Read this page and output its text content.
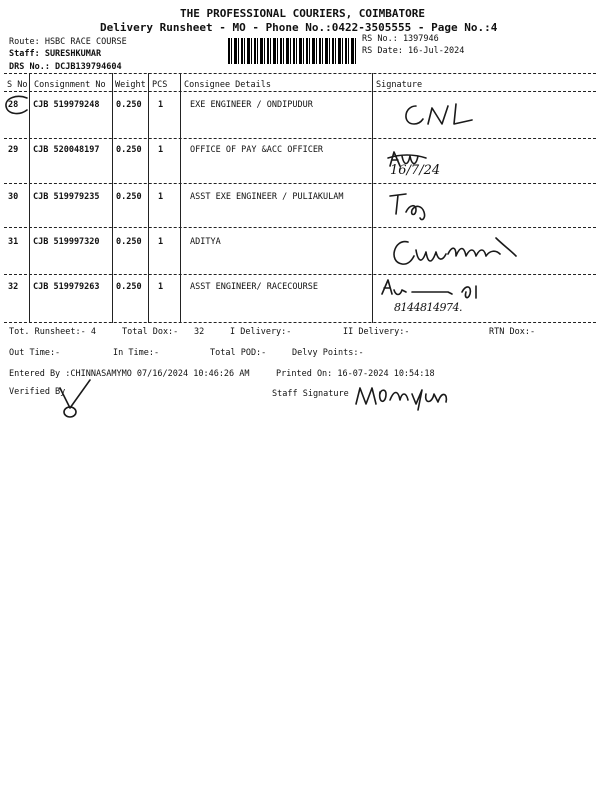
THE PROFESSIONAL COURIERS, COIMBATORE
Delivery Runsheet - MO - Phone No.:0422-3505555 - Page No.:4
Route: HSBC RACE COURSE
Staff: SURESHKUMAR
DRS No.: DCJB139794604
RS No.: 1397946
RS Date: 16-Jul-2024
S No Consignment No Weight PCS Consignee Details	Signature
28 CJB 519979248 0.250 1	EXE ENGINEER / ONDIPUDUR
29 CJB 520048197 0.250 1	OFFICE OF PAY &ACC OFFICER
16/7/24
30 CJB 519979235 0.250 1	ASST EXE ENGINEER / PULIAKULAM
31 CJB 519997320 0.250 1	ADITYA
32 CJB 519979263 0.250 1	ASST ENGINEER/ RACECOURSE
8144814974.
Tot. Runsheet:- 4	Total Dox:- 32	I Delivery:-	II Delivery:-	RTN Dox:-
Out Time:-	In Time:-	Total POD:-	Delvy Points:-
Entered By :CHINNASAMYMO 07/16/2024 10:46:26 AM	Printed On: 16-07-2024 10:54:18
Verified By	Staff Signature
